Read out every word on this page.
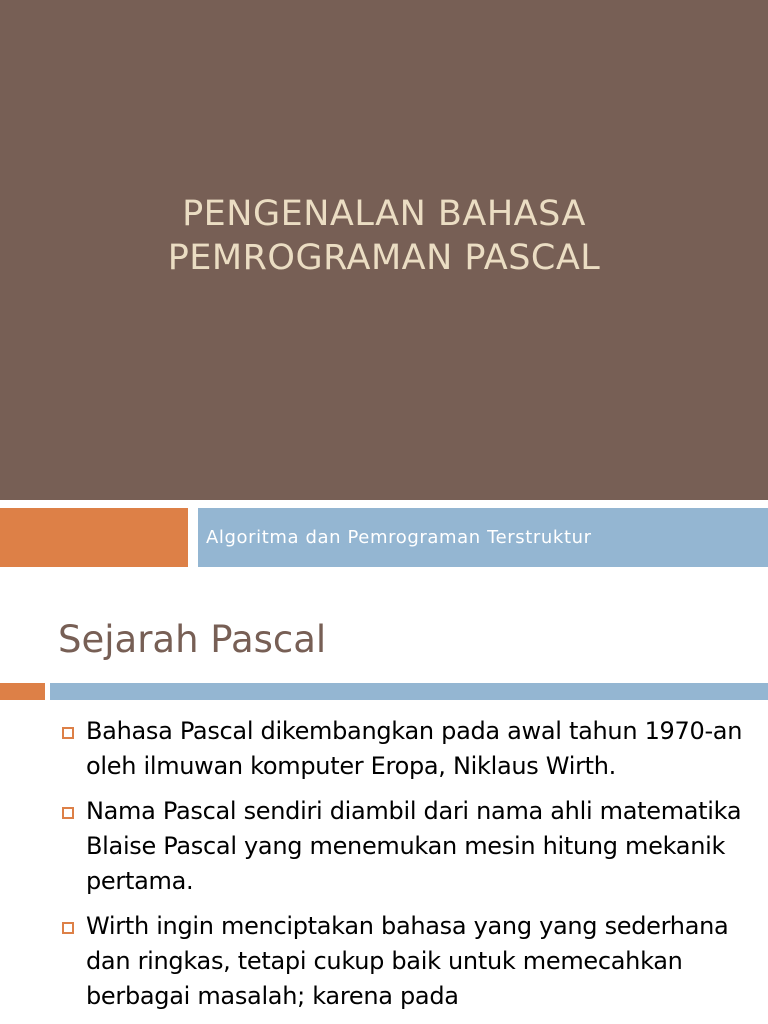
PENGENALAN BAHASA
PEMROGRAMAN PASCAL
Algoritma dan Pemrograman Terstruktur
Sejarah Pascal
Bahasa Pascal dikembangkan pada awal tahun 1970-an oleh ilmuwan komputer Eropa, Niklaus Wirth.
Nama Pascal sendiri diambil dari nama ahli matematika Blaise Pascal yang menemukan mesin hitung mekanik pertama.
Wirth ingin menciptakan bahasa yang yang sederhana dan ringkas, tetapi cukup baik untuk memecahkan berbagai masalah; karena pada
